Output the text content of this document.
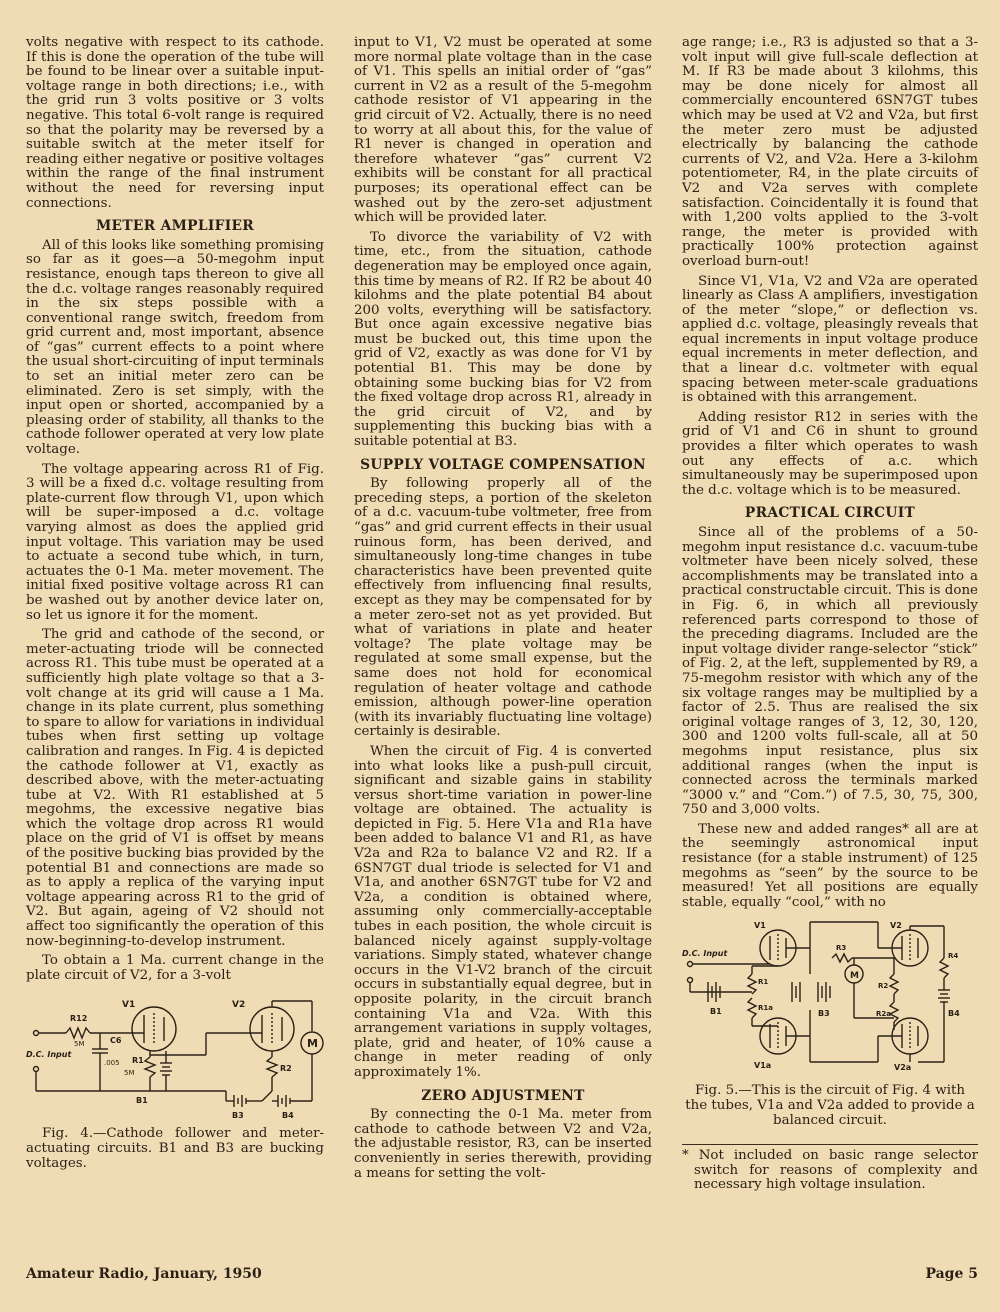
volts negative with respect to its cathode. If this is done the operation of the tube will be found to be linear over a suitable input-voltage range in both directions; i.e., with the grid run 3 volts positive or 3 volts negative. This total 6-volt range is required so that the polarity may be reversed by a suitable switch at the meter itself for reading either negative or positive voltages within the range of the final instrument without the need for reversing input connections.

METER AMPLIFIER

All of this looks like something promising so far as it goes—a 50-megohm input resistance, enough taps thereon to give all the d.c. voltage ranges reasonably required in the six steps possible with a conventional range switch, freedom from grid current and, most important, absence of “gas” current effects to a point where the usual short-circuiting of input terminals to set an initial meter zero can be eliminated. Zero is set simply, with the input open or shorted, accompanied by a pleasing order of stability, all thanks to the cathode follower operated at very low plate voltage.

The voltage appearing across R1 of Fig. 3 will be a fixed d.c. voltage resulting from plate-current flow through V1, upon which will be super-imposed a d.c. voltage varying almost as does the applied grid input voltage. This variation may be used to actuate a second tube which, in turn, actuates the 0-1 Ma. meter movement. The initial fixed positive voltage across R1 can be washed out by another device later on, so let us ignore it for the moment.

The grid and cathode of the second, or meter-actuating triode will be connected across R1. This tube must be operated at a sufficiently high plate voltage so that a 3-volt change at its grid will cause a 1 Ma. change in its plate current, plus something to spare to allow for variations in individual tubes when first setting up voltage calibration and ranges. In Fig. 4 is depicted the cathode follower at V1, exactly as described above, with the meter-actuating tube at V2. With R1 established at 5 megohms, the excessive negative bias which the voltage drop across R1 would place on the grid of V1 is offset by means of the positive bucking bias provided by the potential B1 and connections are made so as to apply a replica of the varying input voltage appearing across R1 to the grid of V2. But again, ageing of V2 should not affect too significantly the operation of this now-beginning-to-develop instrument.

To obtain a 1 Ma. current change in the plate circuit of V2, for a 3-volt

V1	V2
R12
5M
D.C. Input
C6
.005 R1
5M
B1
R2
B3	B4
M

Fig. 4.—Cathode follower and meter-actuating circuits. B1 and B3 are bucking voltages.

input to V1, V2 must be operated at some more normal plate voltage than in the case of V1. This spells an initial order of “gas” current in V2 as a result of the 5-megohm cathode resistor of V1 appearing in the grid circuit of V2. Actually, there is no need to worry at all about this, for the value of R1 never is changed in operation and therefore whatever “gas” current V2 exhibits will be constant for all practical purposes; its operational effect can be washed out by the zero-set adjustment which will be provided later.

To divorce the variability of V2 with time, etc., from the situation, cathode degeneration may be employed once again, this time by means of R2. If R2 be about 40 kilohms and the plate potential B4 about 200 volts, everything will be satisfactory. But once again excessive negative bias must be bucked out, this time upon the grid of V2, exactly as was done for V1 by potential B1. This may be done by obtaining some bucking bias for V2 from the fixed voltage drop across R1, already in the grid circuit of V2, and by supplementing this bucking bias with a suitable potential at B3.

SUPPLY VOLTAGE COMPENSATION

By following properly all of the preceding steps, a portion of the skeleton of a d.c. vacuum-tube voltmeter, free from “gas” and grid current effects in their usual ruinous form, has been derived, and simultaneously long-time changes in tube characteristics have been prevented quite effectively from influencing final results, except as they may be compensated for by a meter zero-set not as yet provided. But what of variations in plate and heater voltage? The plate voltage may be regulated at some small expense, but the same does not hold for economical regulation of heater voltage and cathode emission, although power-line operation (with its invariably fluctuating line voltage) certainly is desirable.

When the circuit of Fig. 4 is converted into what looks like a push-pull circuit, significant and sizable gains in stability versus short-time variation in power-line voltage are obtained. The actuality is depicted in Fig. 5. Here V1a and R1a have been added to balance V1 and R1, as have V2a and R2a to balance V2 and R2. If a 6SN7GT dual triode is selected for V1 and V1a, and another 6SN7GT tube for V2 and V2a, a condition is obtained where, assuming only commercially-acceptable tubes in each position, the whole circuit is balanced nicely against supply-voltage variations. Simply stated, whatever change occurs in the V1-V2 branch of the circuit occurs in substantially equal degree, but in opposite polarity, in the circuit branch containing V1a and V2a. With this arrangement variations in supply voltages, plate, grid and heater, of 10% cause a change in meter reading of only approximately 1%.

ZERO ADJUSTMENT

By connecting the 0-1 Ma. meter from cathode to cathode between V2 and V2a, the adjustable resistor, R3, can be inserted conveniently in series therewith, providing a means for setting the volt-

age range; i.e., R3 is adjusted so that a 3-volt input will give full-scale deflection at M. If R3 be made about 3 kilohms, this may be done nicely for almost all commercially encountered 6SN7GT tubes which may be used at V2 and V2a, but first the meter zero must be adjusted electrically by balancing the cathode currents of V2, and V2a. Here a 3-kilohm potentiometer, R4, in the plate circuits of V2 and V2a serves with complete satisfaction. Coincidentally it is found that with 1,200 volts applied to the 3-volt range, the meter is provided with practically 100% protection against overload burn-out!

Since V1, V1a, V2 and V2a are operated linearly as Class A amplifiers, investigation of the meter “slope,” or deflection vs. applied d.c. voltage, pleasingly reveals that equal increments in input voltage produce equal increments in meter deflection, and that a linear d.c. voltmeter with equal spacing between meter-scale graduations is obtained with this arrangement.

Adding resistor R12 in series with the grid of V1 and C6 in shunt to ground provides a filter which operates to wash out any effects of a.c. which simultaneously may be superimposed upon the d.c. voltage which is to be measured.

PRACTICAL CIRCUIT

Since all of the problems of a 50-megohm input resistance d.c. vacuum-tube voltmeter have been nicely solved, these accomplishments may be translated into a practical constructable circuit. This is done in Fig. 6, in which all previously referenced parts correspond to those of the preceding diagrams. Included are the input voltage divider range-selector “stick” of Fig. 2, at the left, supplemented by R9, a 75-megohm resistor with which any of the six voltage ranges may be multiplied by a factor of 2.5. Thus are realised the six original voltage ranges of 3, 12, 30, 120, 300 and 1200 volts full-scale, all at 50 megohms input resistance, plus six additional ranges (when the input is connected across the terminals marked “3000 v.” and “Com.”) of 7.5, 30, 75, 300, 750 and 3,000 volts.

These new and added ranges* all are at the seemingly astronomical input resistance (for a stable instrument) of 125 megohms as “seen” by the source to be measured! Yet all positions are equally stable, equally “cool,” with no

V1
V1a
V2
V2a
D.C. Input
B1
R1
R1a
B3
R3
M
R2
R2a
R4
B4

Fig. 5.—This is the circuit of Fig. 4 with the tubes, V1a and V2a added to provide a balanced circuit.

* Not included on basic range selector switch for reasons of complexity and necessary high voltage insulation.

Amateur Radio, January, 1950	Page 5
